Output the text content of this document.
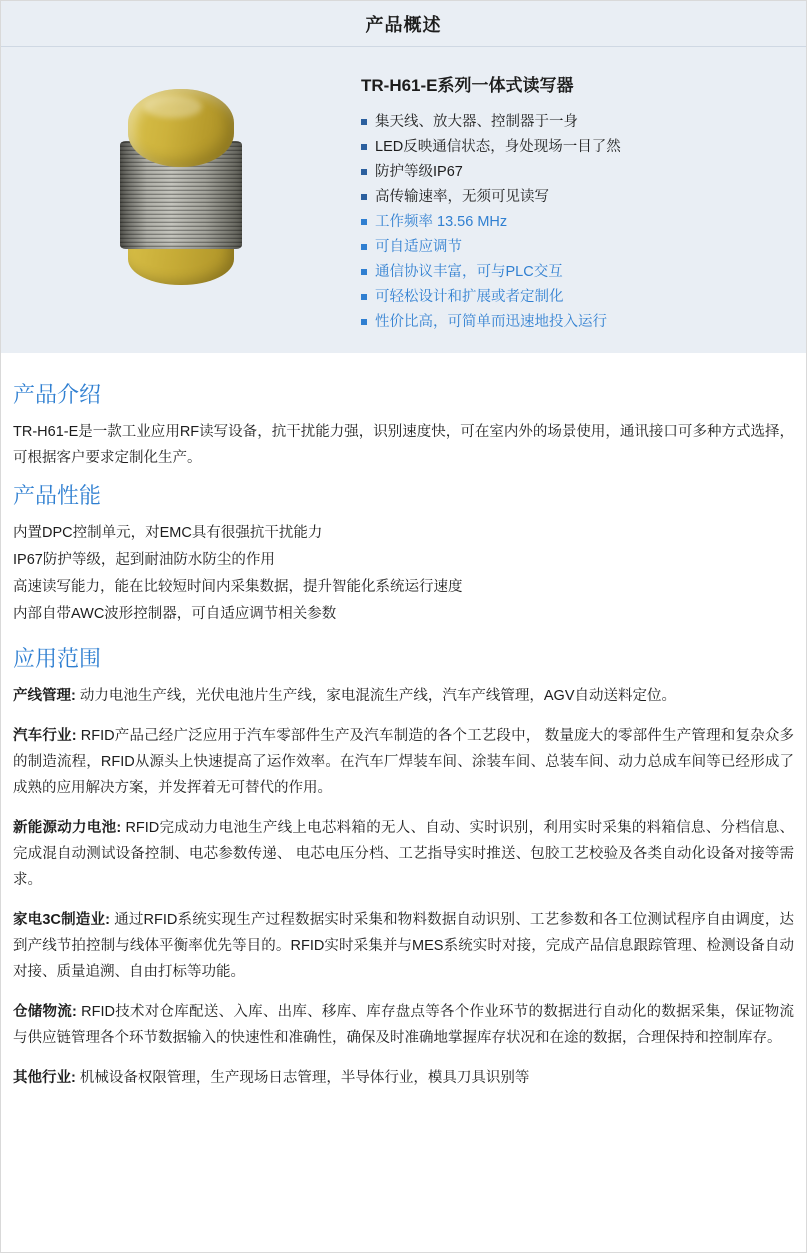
产品概述
TR-H61-E系列一体式读写器
集天线、放大器、控制器于一身
LED反映通信状态，身处现场一目了然
防护等级IP67
高传输速率，无须可见读写
工作频率 13.56 MHz
可自适应调节
通信协议丰富，可与PLC交互
可轻松设计和扩展或者定制化
性价比高，可简单而迅速地投入运行
产品介绍

TR-H61-E是一款工业应用RF读写设备，抗干扰能力强，识别速度快，可在室内外的场景使用，通讯接口可多种方式选择，可根据客户要求定制化生产。

产品性能
内置DPC控制单元，对EMC具有很强抗干扰能力
IP67防护等级，起到耐油防水防尘的作用
高速读写能力，能在比较短时间内采集数据，提升智能化系统运行速度
内部自带AWC波形控制器，可自适应调节相关参数
应用范围
产线管理: 动力电池生产线，光伏电池片生产线，家电混流生产线，汽车产线管理，AGV自动送料定位。
汽车行业: RFID产品己经广泛应用于汽车零部件生产及汽车制造的各个工艺段中， 数量庞大的零部件生产管理和复杂众多的制造流程，RFID从源头上快速提高了运作效率。在汽车厂焊装车间、涂装车间、总装车间、动力总成车间等已经形成了成熟的应用解决方案，并发挥着无可替代的作用。
新能源动力电池: RFID完成动力电池生产线上电芯料箱的无人、自动、实时识别，利用实时采集的料箱信息、分档信息、完成混自动测试设备控制、电芯参数传递、 电芯电压分档、工艺指导实时推送、包胶工艺校验及各类自动化设备对接等需求。
家电3C制造业: 通过RFID系统实现生产过程数据实时采集和物料数据自动识别、工艺参数和各工位测试程序自由调度，达到产线节拍控制与线体平衡率优先等目的。RFID实时采集并与MES系统实时对接，完成产品信息跟踪管理、检测设备自动对接、质量追溯、自由打标等功能。
仓储物流: RFID技术对仓库配送、入库、出库、移库、库存盘点等各个作业环节的数据进行自动化的数据采集，保证物流与供应链管理各个环节数据输入的快速性和准确性，确保及时准确地掌握库存状况和在途的数据，合理保持和控制库存。
其他行业: 机械设备权限管理，生产现场日志管理，半导体行业，模具刀具识别等
